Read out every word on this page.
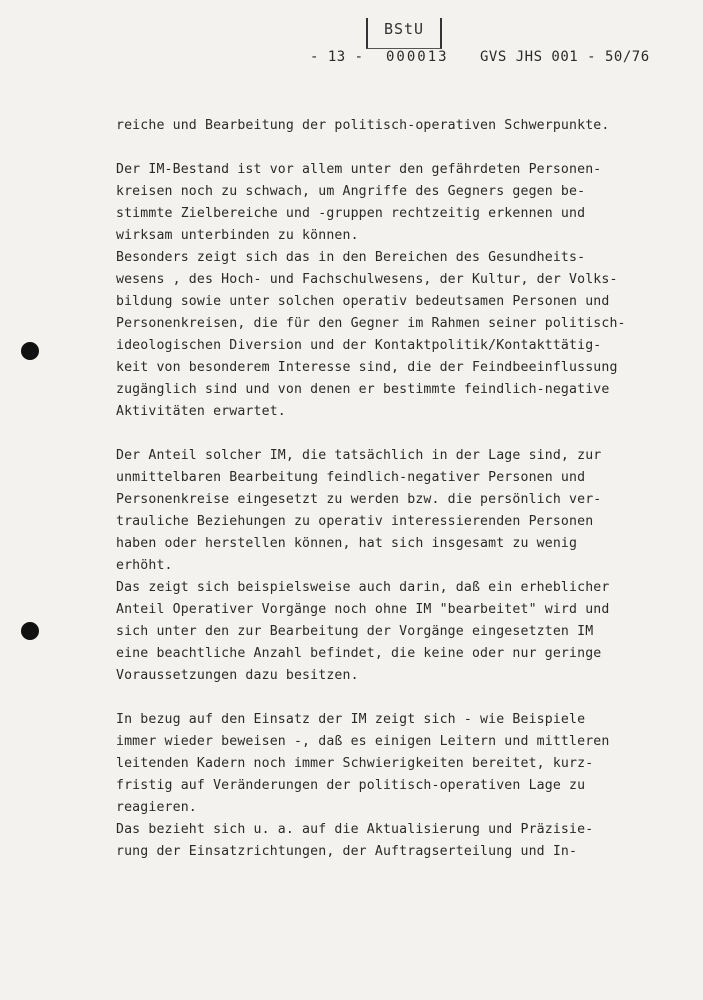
BStU
- 13 - 000013 GVS JHS 001 - 50/76
reiche und Bearbeitung der politisch-operativen Schwerpunkte.
Der IM-Bestand ist vor allem unter den gefährdeten Personen-
kreisen noch zu schwach, um Angriffe des Gegners gegen be-
stimmte Zielbereiche und -gruppen rechtzeitig erkennen und
wirksam unterbinden zu können.
Besonders zeigt sich das in den Bereichen des Gesundheits-
wesens , des Hoch- und Fachschulwesens, der Kultur, der Volks-
bildung sowie unter solchen operativ bedeutsamen Personen und
Personenkreisen, die für den Gegner im Rahmen seiner politisch-
ideologischen Diversion und der Kontaktpolitik/Kontakttätig-
keit von besonderem Interesse sind, die der Feindbeeinflussung
zugänglich sind und von denen er bestimmte feindlich-negative
Aktivitäten erwartet.
Der Anteil solcher IM, die tatsächlich in der Lage sind, zur
unmittelbaren Bearbeitung feindlich-negativer Personen und
Personenkreise eingesetzt zu werden bzw. die persönlich ver-
trauliche Beziehungen zu operativ interessierenden Personen
haben oder herstellen können, hat sich insgesamt zu wenig
erhöht.
Das zeigt sich beispielsweise auch darin, daß ein erheblicher
Anteil Operativer Vorgänge noch ohne IM "bearbeitet" wird und
sich unter den zur Bearbeitung der Vorgänge eingesetzten IM
eine beachtliche Anzahl befindet, die keine oder nur geringe
Voraussetzungen dazu besitzen.
In bezug auf den Einsatz der IM zeigt sich - wie Beispiele
immer wieder beweisen -, daß es einigen Leitern und mittleren
leitenden Kadern noch immer Schwierigkeiten bereitet, kurz-
fristig auf Veränderungen der politisch-operativen Lage zu
reagieren.
Das bezieht sich u. a. auf die Aktualisierung und Präzisie-
rung der Einsatzrichtungen, der Auftragserteilung und In-
